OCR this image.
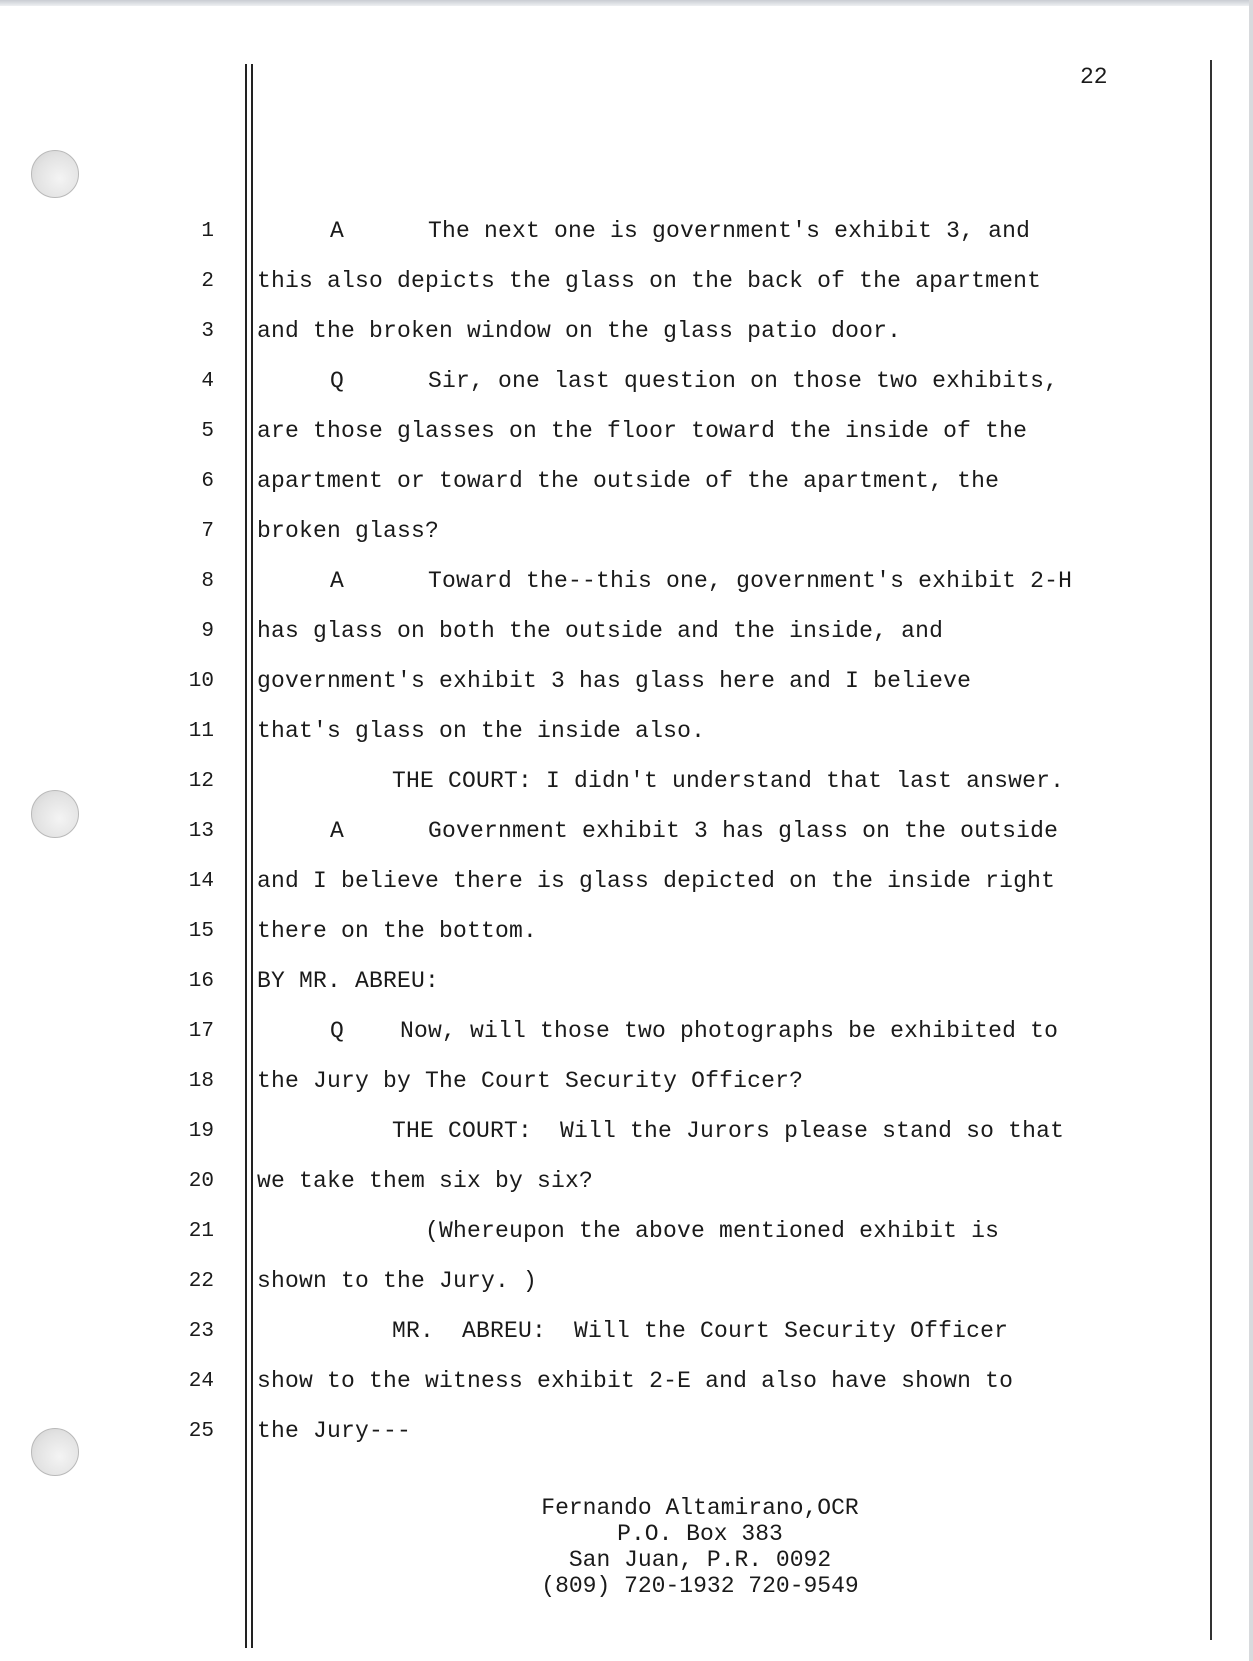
22
1	A      The next one is government's exhibit 3, and
2 this also depicts the glass on the back of the apartment
3 and the broken window on the glass patio door.
4	Q      Sir, one last question on those two exhibits,
5 are those glasses on the floor toward the inside of the
6 apartment or toward the outside of the apartment, the
7 broken glass?
8	A      Toward the--this one, government's exhibit 2-H
9 has glass on both the outside and the inside, and
10 government's exhibit 3 has glass here and I believe
11 that's glass on the inside also.
12	THE COURT: I didn't understand that last answer.
13	A      Government exhibit 3 has glass on the outside
14 and I believe there is glass depicted on the inside right
15 there on the bottom.
16 BY MR. ABREU:
17	Q    Now, will those two photographs be exhibited to
18 the Jury by The Court Security Officer?
19	THE COURT:  Will the Jurors please stand so that
20 we take them six by six?
21	(Whereupon the above mentioned exhibit is
22 shown to the Jury. )
23	MR.  ABREU:  Will the Court Security Officer
24 show to the witness exhibit 2-E and also have shown to
25 the Jury---
Fernando Altamirano,OCR
P.O. Box 383
San Juan, P.R. 0092
(809) 720-1932 720-9549
